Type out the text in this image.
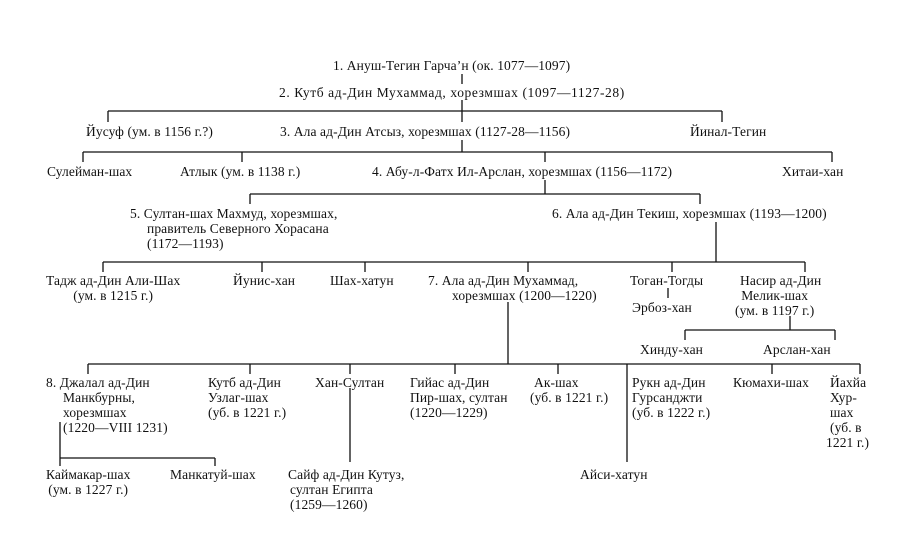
1. Ануш-Тегин Гарча’н (ок. 1077—1097)
2. Кутб ад-Дин Мухаммад, хорезмшах (1097—1127-28)
Йусуф (ум. в 1156 г.?)	3. Ала ад-Дин Атсыз, хорезмшах (1127-28—1156)	Йинал-Тегин
Сулейман-шах	Атлык (ум. в 1138 г.)	4. Абу-л-Фатх Ил-Арслан, хорезмшах (1156—1172)	Хитаи-хан
5. Султан-шах Махмуд, хорезмшах,
правитель Северного Хорасана
(1172—1193)
6. Ала ад-Дин Текиш, хорезмшах (1193—1200)
Тадж ад-Дин Али-Шах
(ум. в 1215 г.)
Йунис-хан	Шах-хатун	7. Ала ад-Дин Мухаммад,
хорезмшах (1200—1220)
Тоган-Тогды
Эрбоз-хан
Насир ад-Дин
Мелик-шах
(ум. в 1197 г.)
Хинду-хан	Арслан-хан
8. Джалал ад-Дин
Манкбурны,
хорезмшах
(1220—VIII 1231)
Кутб ад-Дин
Узлаг-шах
(уб. в 1221 г.)
Хан-Султан Гийас ад-Дин
Пир-шах, султан
(1220—1229)
Ак-шах
(уб. в 1221 г.)
Рукн ад-Дин
Гурсанджти
(уб. в 1222 г.)
Кюмахи-шах Йахйа
Хур-
шах
(уб. в
1221 г.)
Каймакар-шах
(ум. в 1227 г.)
Манкатуй-шах Сайф ад-Дин Кутуз,
султан Египта
(1259—1260)
Айси-хатун
